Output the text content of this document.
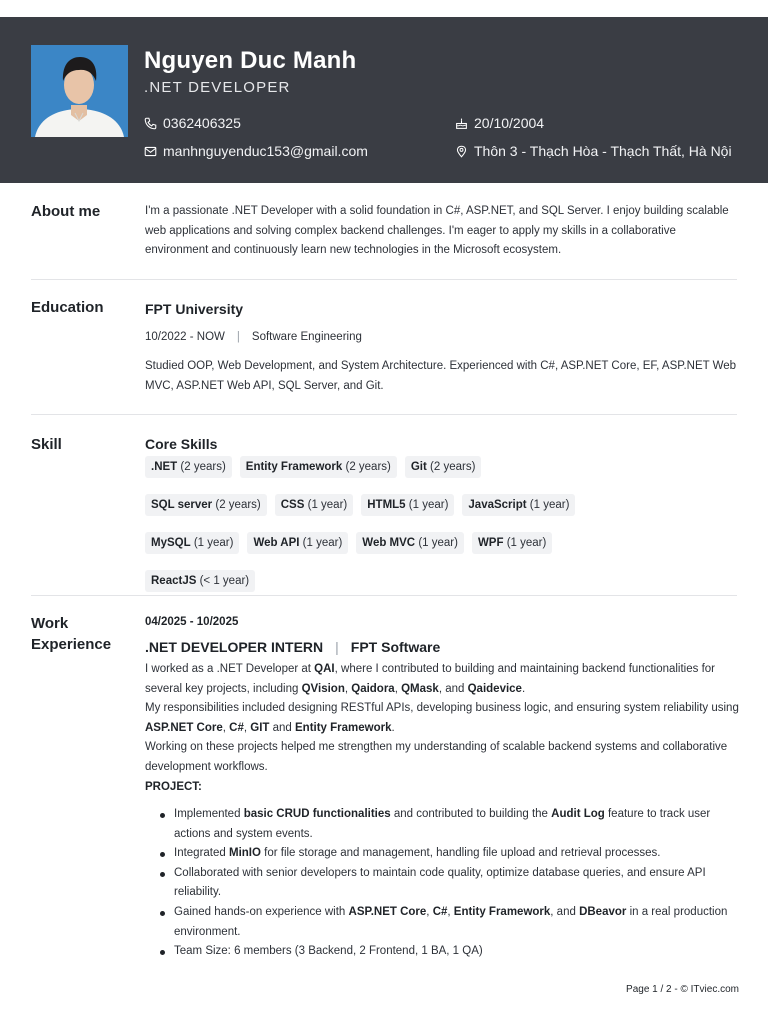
Nguyen Duc Manh
.NET DEVELOPER
0362406325
manhnguyenduc153@gmail.com
20/10/2004
Thôn 3 - Thạch Hòa - Thạch Thất, Hà Nội
About me	I'm a passionate .NET Developer with a solid foundation in C#, ASP.NET, and SQL Server. I enjoy building scalable web applications and solving complex backend challenges. I'm eager to apply my skills in a collaborative environment and continuously learn new technologies in the Microsoft ecosystem.
Education	FPT University
10/2022 - NOW | Software Engineering
Studied OOP, Web Development, and System Architecture. Experienced with C#, ASP.NET Core, EF, ASP.NET Web MVC, ASP.NET Web API, SQL Server, and Git.
Skill	Core Skills
.NET (2 years)	Entity Framework (2 years)	Git (2 years)
SQL server (2 years)	CSS (1 year)	HTML5 (1 year)	JavaScript (1 year)
MySQL (1 year)	Web API (1 year)	Web MVC (1 year)	WPF (1 year)
ReactJS (< 1 year)
Work
Experience
04/2025 - 10/2025
.NET DEVELOPER INTERN | FPT Software
I worked as a .NET Developer at QAI, where I contributed to building and maintaining backend functionalities for several key projects, including QVision, Qaidora, QMask, and Qaidevice.
My responsibilities included designing RESTful APIs, developing business logic, and ensuring system reliability using ASP.NET Core, C#, GIT and Entity Framework.
Working on these projects helped me strengthen my understanding of scalable backend systems and collaborative development workflows.
PROJECT:
Implemented basic CRUD functionalities and contributed to building the Audit Log feature to track user actions and system events.
Integrated MinIO for file storage and management, handling file upload and retrieval processes.
Collaborated with senior developers to maintain code quality, optimize database queries, and ensure API reliability.
Gained hands-on experience with ASP.NET Core, C#, Entity Framework, and DBeavor in a real production environment.
Team Size: 6 members (3 Backend, 2 Frontend, 1 BA, 1 QA)
Page 1 / 2 - © ITviec.com
